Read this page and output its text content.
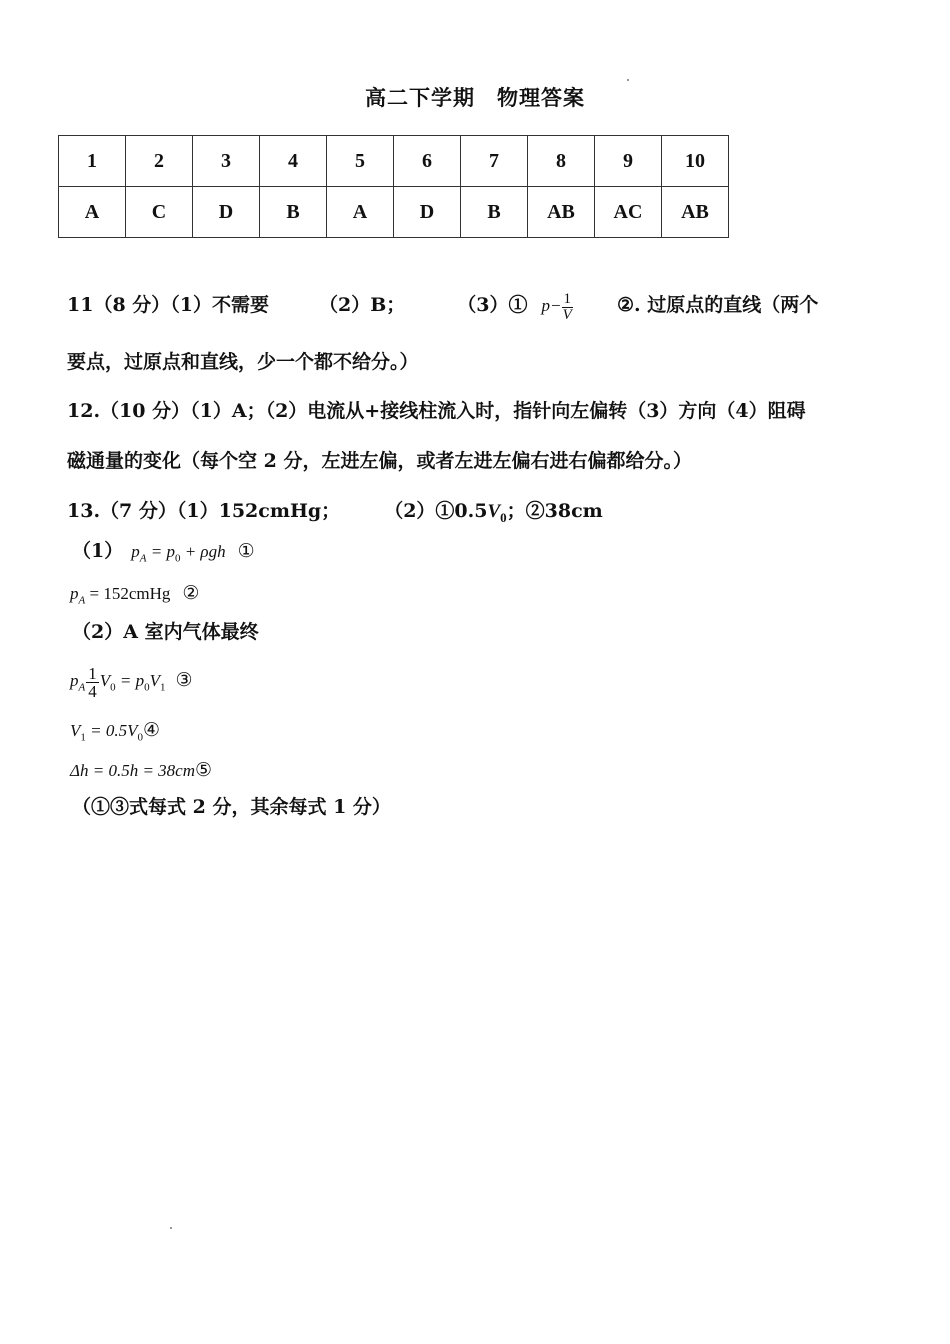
高二下学期　物理答案
1	2	3	4	5	6	7	8	9	10
A	C	D	B	A	D	B	AB	AC	AB
11（8 分）（1）不需要	（2）B；	（3）① $p- \frac{1}{V}$ ②. 过原点的直线（两个
要点，过原点和直线，少一个都不给分。）
12.（10 分）（1）A；（2）电流从+接线柱流入时，指针向左偏转（3）方向（4）阻碍
磁通量的变化（每个空 2 分，左进左偏，或者左进左偏右进右偏都给分。）
13.（7 分）（1）152cmHg； $(2)①0.5V_0$；②38cm
（1） $p_A = p_0 + \rho gh$ ①
$p_A$ = 152cmHg ②
（2）A 室内气体最终
$p_A \frac{1}{4} V_0 = p_0V_1$ ③
$V_1$ = $0.5V_0④$
Δh = 0.5h = 38cm⑤
（①③式每式 2 分，其余每式 1 分）
